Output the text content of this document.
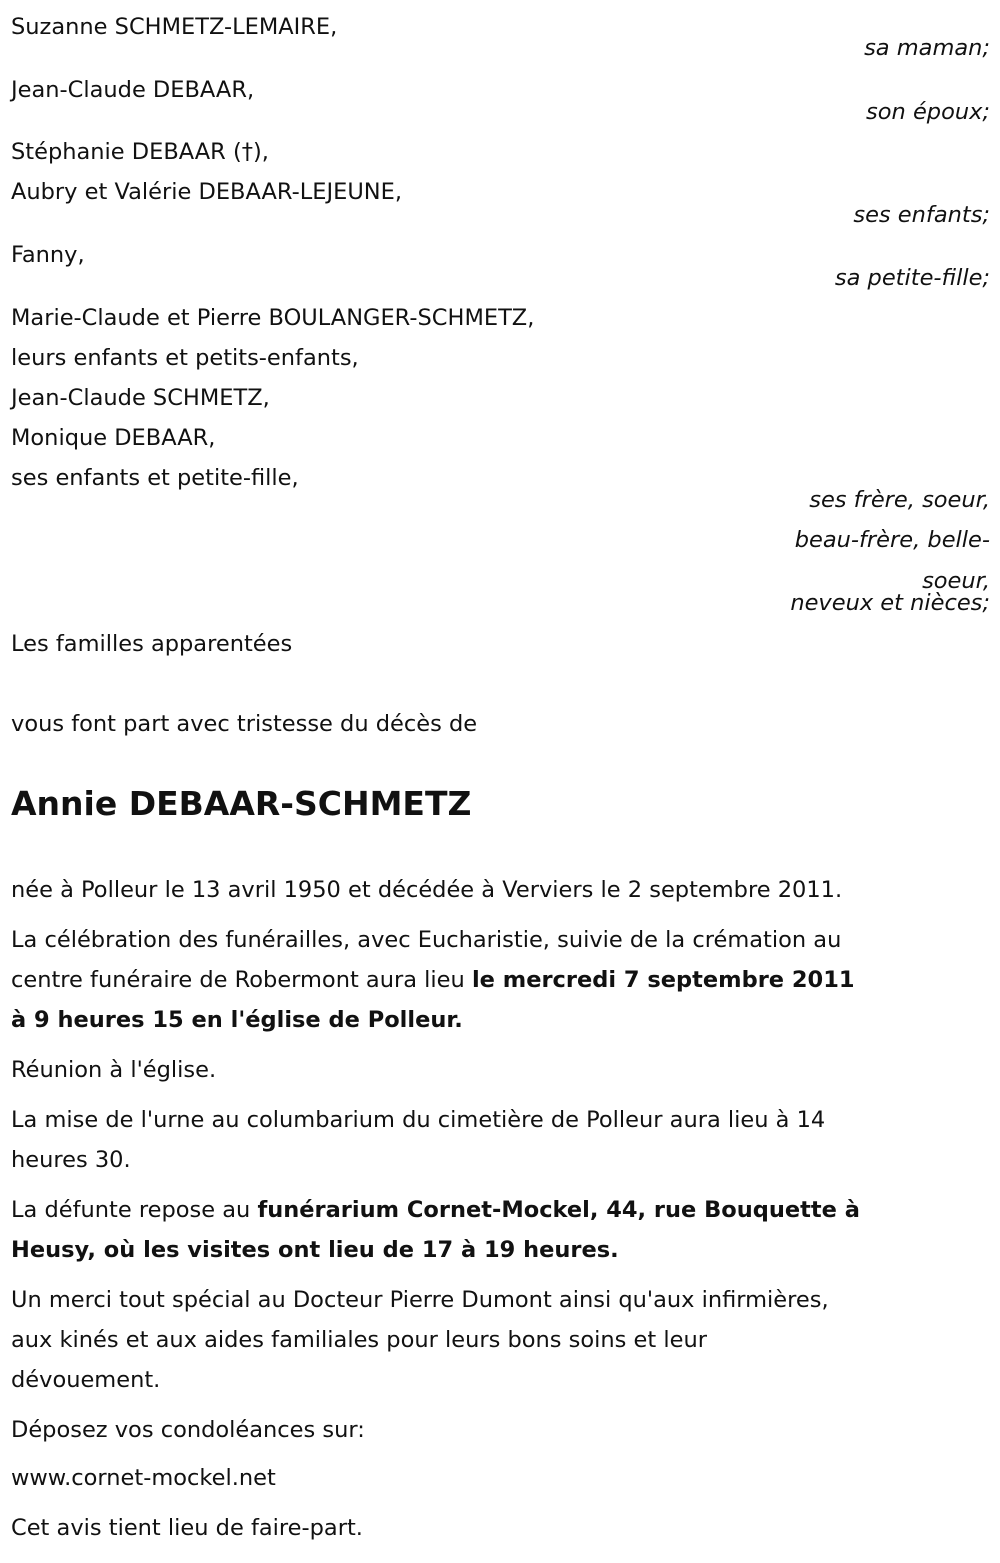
Suzanne SCHMETZ-LEMAIRE,
sa maman;
Jean-Claude DEBAAR,
son époux;
Stéphanie DEBAAR (†),
Aubry et Valérie DEBAAR-LEJEUNE,
ses enfants;
Fanny,
sa petite-fille;
Marie-Claude et Pierre BOULANGER-SCHMETZ,
leurs enfants et petits-enfants,
Jean-Claude SCHMETZ,
Monique DEBAAR,
ses enfants et petite-fille,
ses frère, soeur,
beau-frère, belle-
soeur,
neveux et nièces;
Les familles apparentées
vous font part avec tristesse du décès de
Annie DEBAAR-SCHMETZ
née à Polleur le 13 avril 1950 et décédée à Verviers le 2 septembre 2011.
La célébration des funérailles, avec Eucharistie, suivie de la crémation au
centre funéraire de Robermont aura lieu le mercredi 7 septembre 2011
à 9 heures 15 en l'église de Polleur.
Réunion à l'église.
La mise de l'urne au columbarium du cimetière de Polleur aura lieu à 14
heures 30.
La défunte repose au funérarium Cornet-Mockel, 44, rue Bouquette à
Heusy, où les visites ont lieu de 17 à 19 heures.
Un merci tout spécial au Docteur Pierre Dumont ainsi qu'aux infirmières,
aux kinés et aux aides familiales pour leurs bons soins et leur
dévouement.
Déposez vos condoléances sur:
www.cornet-mockel.net
Cet avis tient lieu de faire-part.
